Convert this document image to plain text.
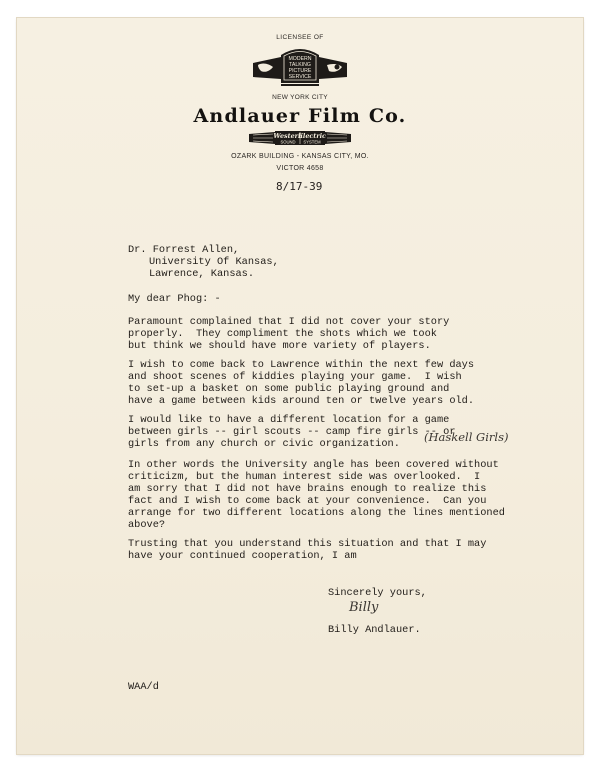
LICENSEE OF
MODERN
TALKING
PICTURE
SERVICE
NEW YORK CITY
Andlauer Film Co.
Western
Electric
SOUND SYSTEM
OZARK BUILDING - KANSAS CITY, MO.
VICTOR 4658
8/17-39
Dr. Forrest Allen,
University Of Kansas,
Lawrence, Kansas.
My dear Phog: -
Paramount complained that I did not cover your story
properly.  They compliment the shots which we took
but think we should have more variety of players.
I wish to come back to Lawrence within the next few days
and shoot scenes of kiddies playing your game.  I wish
to set-up a basket on some public playing ground and
have a game between kids around ten or twelve years old.
I would like to have a different location for a game
between girls -- girl scouts -- camp fire girls -- or
girls from any church or civic organization. (Haskell Girls)
In other words the University angle has been covered without
criticizm, but the human interest side was overlooked.  I
am sorry that I did not have brains enough to realize this
fact and I wish to come back at your convenience.  Can you
arrange for two different locations along the lines mentioned
above?
Trusting that you understand this situation and that I may
have your continued cooperation, I am
Sincerely yours,
Billy
Billy Andlauer.
WAA/d
